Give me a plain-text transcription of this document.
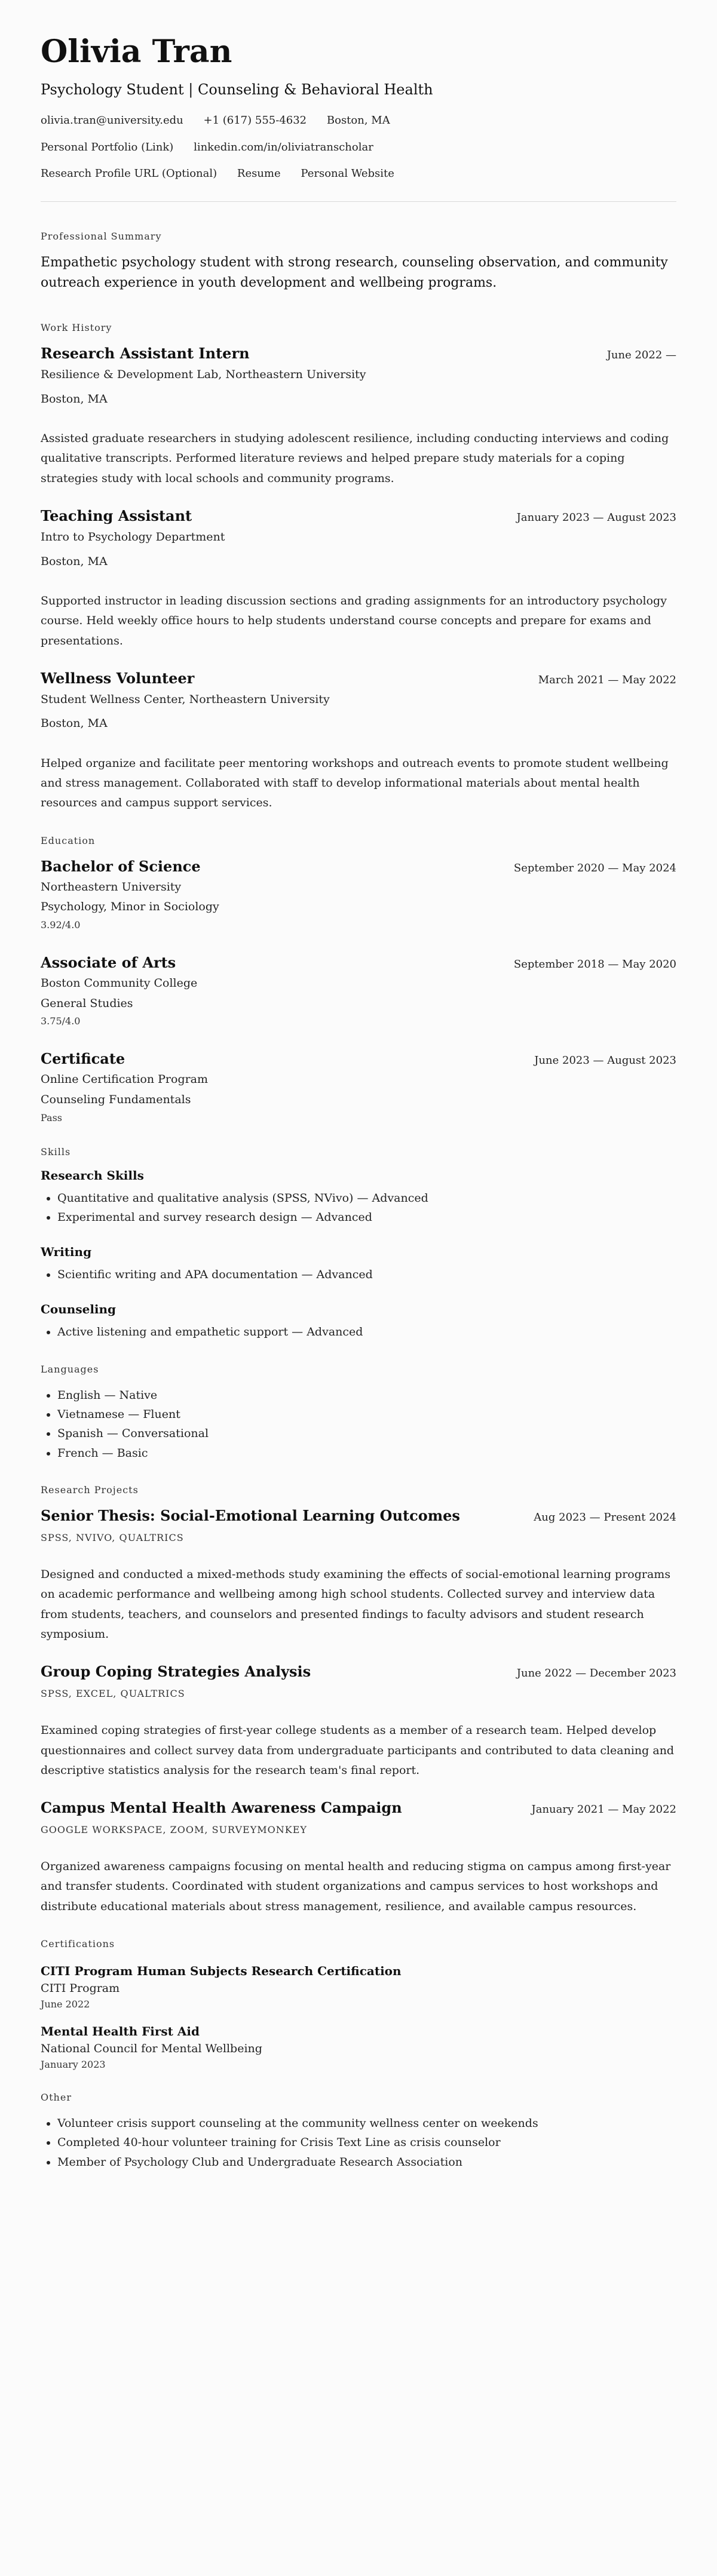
Olivia Tran
Psychology Student | Counseling & Behavioral Health
olivia.tran@university.edu +1 (617) 555-4632 Boston, MA
Personal Portfolio (Link) linkedin.com/in/oliviatranscholar
Research Profile URL (Optional) Resume Personal Website
Professional Summary
Empathetic psychology student with strong research, counseling observation, and community outreach experience in youth development and wellbeing programs.
Work History
Research Assistant Intern	June 2022 —
Resilience & Development Lab, Northeastern University
Boston, MA
Assisted graduate researchers in studying adolescent resilience, including conducting interviews and coding qualitative transcripts. Performed literature reviews and helped prepare study materials for a coping strategies study with local schools and community programs.
Teaching Assistant	January 2023 — August 2023
Intro to Psychology Department
Boston, MA
Supported instructor in leading discussion sections and grading assignments for an introductory psychology course. Held weekly office hours to help students understand course concepts and prepare for exams and presentations.
Wellness Volunteer	March 2021 — May 2022
Student Wellness Center, Northeastern University
Boston, MA
Helped organize and facilitate peer mentoring workshops and outreach events to promote student wellbeing and stress management. Collaborated with staff to develop informational materials about mental health resources and campus support services.
Education
Bachelor of Science	September 2020 — May 2024
Northeastern University
Psychology, Minor in Sociology
3.92/4.0
Associate of Arts	September 2018 — May 2020
Boston Community College
General Studies
3.75/4.0
Certificate	June 2023 — August 2023
Online Certification Program
Counseling Fundamentals
Pass
Skills
Research Skills
• Quantitative and qualitative analysis (SPSS, NVivo) — Advanced
• Experimental and survey research design — Advanced
Writing
• Scientific writing and APA documentation — Advanced
Counseling
• Active listening and empathetic support — Advanced
Languages
• English — Native
• Vietnamese — Fluent
• Spanish — Conversational
• French — Basic
Research Projects
Senior Thesis: Social-Emotional Learning Outcomes	Aug 2023 — Present 2024
SPSS, NVIVO, QUALTRICS
Designed and conducted a mixed-methods study examining the effects of social-emotional learning programs on academic performance and wellbeing among high school students. Collected survey and interview data from students, teachers, and counselors and presented findings to faculty advisors and student research symposium.
Group Coping Strategies Analysis	June 2022 — December 2023
SPSS, EXCEL, QUALTRICS
Examined coping strategies of first-year college students as a member of a research team. Helped develop questionnaires and collect survey data from undergraduate participants and contributed to data cleaning and descriptive statistics analysis for the research team's final report.
Campus Mental Health Awareness Campaign	January 2021 — May 2022
GOOGLE WORKSPACE, ZOOM, SURVEYMONKEY
Organized awareness campaigns focusing on mental health and reducing stigma on campus among first-year and transfer students. Coordinated with student organizations and campus services to host workshops and distribute educational materials about stress management, resilience, and available campus resources.
Certifications
CITI Program Human Subjects Research Certification
CITI Program
June 2022
Mental Health First Aid
National Council for Mental Wellbeing
January 2023
Other
• Volunteer crisis support counseling at the community wellness center on weekends
• Completed 40-hour volunteer training for Crisis Text Line as crisis counselor
• Member of Psychology Club and Undergraduate Research Association
